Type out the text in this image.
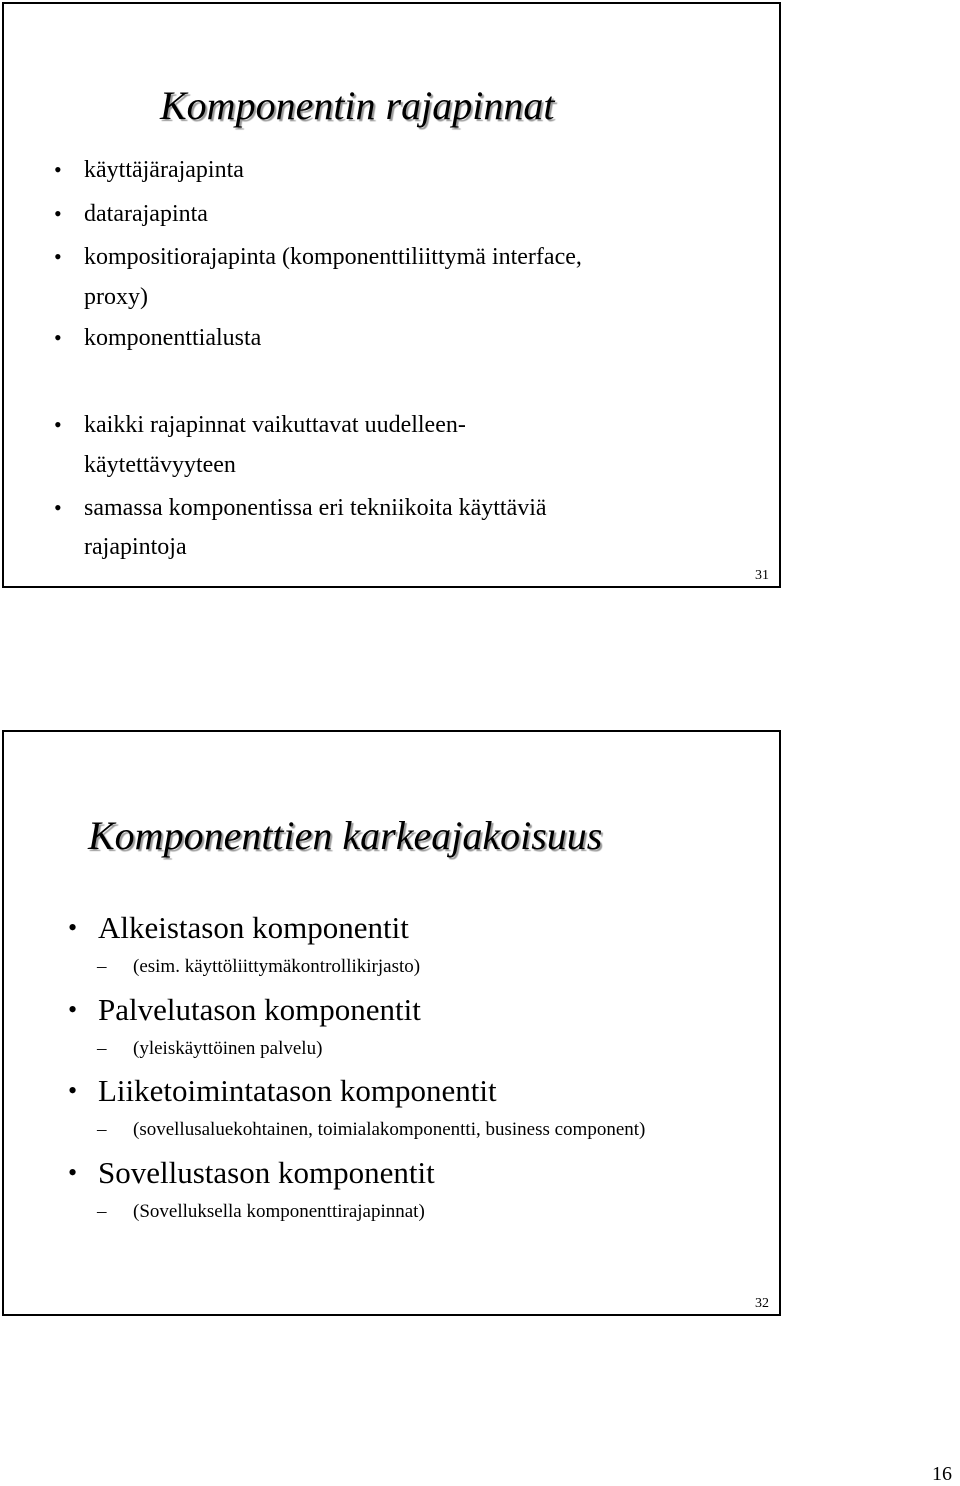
Komponentin rajapinnat
• käyttäjärajapinta
• datarajapinta
• kompositiorajapinta (komponenttiliittymä interface,
proxy)
• komponenttialusta
• kaikki rajapinnat vaikuttavat uudelleen-
käytettävyyteen
• samassa komponentissa eri tekniikoita käyttäviä
rajapintoja
31
Komponenttien karkeajakoisuus
• Alkeistason komponentit
– (esim. käyttöliittymäkontrollikirjasto)
• Palvelutason komponentit
– (yleiskäyttöinen palvelu)
• Liiketoimintatason komponentit
– (sovellusaluekohtainen, toimialakomponentti, business component)
• Sovellustason komponentit
– (Sovelluksella komponenttirajapinnat)
32
16
